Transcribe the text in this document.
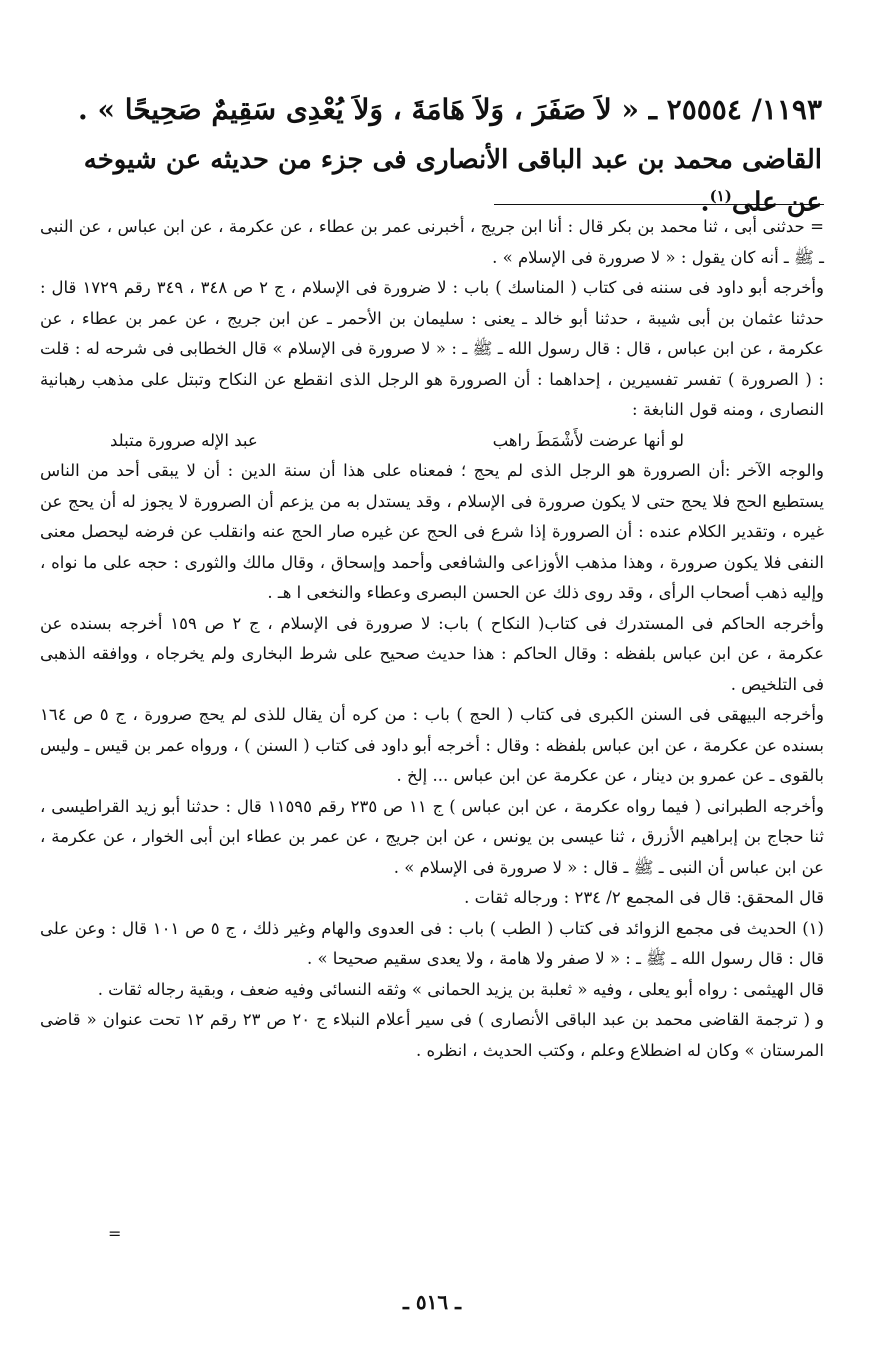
١١٩٣/ ٢٥٥٥٤ ـ « لاَ صَفَرَ ، وَلاَ هَامَةَ ، وَلاَ يُعْدِى سَقِيمٌ صَحِيحًا » .
القاضى محمد بن عبد الباقى الأنصارى فى جزء من حديثه عن شيوخه عن على$^{(١)}$.

= حدثنى أبى ، ثنا محمد بن بكر قال : أنا ابن جريج ، أخبرنى عمر بن عطاء ، عن عكرمة ، عن ابن عباس ، عن النبى ـ ﷺ ـ أنه كان يقول : « لا صرورة فى الإسلام » .

وأخرجه أبو داود فى سننه فى كتاب ( المناسك ) باب : لا ضرورة فى الإسلام ، ج ٢ ص ٣٤٨ ، ٣٤٩ رقم ١٧٢٩ قال : حدثنا عثمان بن أبى شيبة ، حدثنا أبو خالد ـ يعنى : سليمان بن الأحمر ـ عن ابن جريج ، عن عمر بن عطاء ، عن عكرمة ، عن ابن عباس ، قال : قال رسول الله ـ ﷺ ـ : « لا صرورة فى الإسلام » قال الخطابى فى شرحه له : قلت : ( الصرورة ) تفسر تفسيرين ، إحداهما : أن الصرورة هو الرجل الذى انقطع عن النكاح وتبتل على مذهب رهبانية النصارى ، ومنه قول النابغة :

لو أنها عرضت لأَشْمَطَ راهب
عبد الإله صرورة متبلد

والوجه الآخر :أن الصرورة هو الرجل الذى لم يحج ؛ فمعناه على هذا أن سنة الدين : أن لا يبقى أحد من الناس يستطيع الحج فلا يحج حتى لا يكون صرورة فى الإسلام ، وقد يستدل به من يزعم أن الصرورة لا يجوز له أن يحج عن غيره ، وتقدير الكلام عنده : أن الصرورة إذا شرع فى الحج عن غيره صار الحج عنه وانقلب عن فرضه ليحصل معنى النفى فلا يكون صرورة ، وهذا مذهب الأوزاعى والشافعى وأحمد وإسحاق ، وقال مالك والثورى : حجه على ما نواه ، وإليه ذهب أصحاب الرأى ، وقد روى ذلك عن الحسن البصرى وعطاء والنخعى ا هـ .

وأخرجه الحاكم فى المستدرك فى كتاب( النكاح ) باب: لا صرورة فى الإسلام ، ج ٢ ص ١٥٩ أخرجه بسنده عن عكرمة ، عن ابن عباس بلفظه : وقال الحاكم : هذا حديث صحيح على شرط البخارى ولم يخرجاه ، ووافقه الذهبى فى التلخيص .

وأخرجه البيهقى فى السنن الكبرى فى كتاب ( الحج ) باب : من كره أن يقال للذى لم يحج صرورة ، ج ٥ ص ١٦٤ بسنده عن عكرمة ، عن ابن عباس بلفظه : وقال : أخرجه أبو داود فى كتاب ( السنن ) ، ورواه عمر بن قيس ـ وليس بالقوى ـ عن عمرو بن دينار ، عن عكرمة عن ابن عباس ... إلخ .

وأخرجه الطبرانى ( فيما رواه عكرمة ، عن ابن عباس ) ج ١١ ص ٢٣٥ رقم ١١٥٩٥ قال : حدثنا أبو زيد القراطيسى ، ثنا حجاج بن إبراهيم الأزرق ، ثنا عيسى بن يونس ، عن ابن جريج ، عن عمر بن عطاء ابن أبى الخوار ، عن عكرمة ، عن ابن عباس أن النبى ـ ﷺ ـ قال : « لا صرورة فى الإسلام » .

قال المحقق: قال فى المجمع ٢/ ٢٣٤ : ورجاله ثقات .

(١) الحديث فى مجمع الزوائد فى كتاب ( الطب ) باب : فى العدوى والهام وغير ذلك ، ج ٥ ص ١٠١ قال : وعن على قال : قال رسول الله ـ ﷺ ـ : « لا صفر ولا هامة ، ولا يعدى سقيم صحيحا » .

قال الهيثمى : رواه أبو يعلى ، وفيه « ثعلبة بن يزيد الحمانى » وثقه النسائى وفيه ضعف ، وبقية رجاله ثقات .

و ( ترجمة القاضى محمد بن عبد الباقى الأنصارى ) فى سير أعلام النبلاء ج ٢٠ ص ٢٣ رقم ١٢ تحت عنوان « قاضى المرستان » وكان له اضطلاع وعلم ، وكتب الحديث ، انظره .

=
ـ ٥١٦ ـ
